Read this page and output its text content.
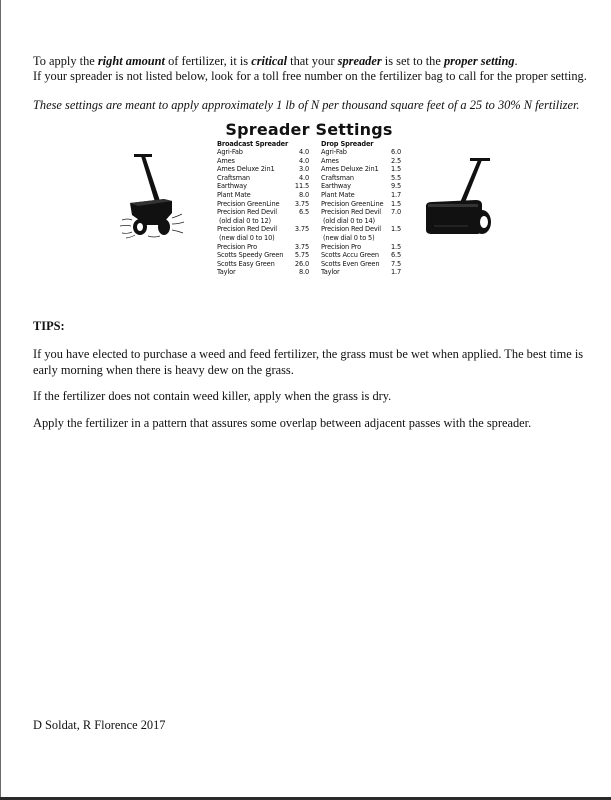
To apply the right amount of fertilizer, it is critical that your spreader is set to the proper setting.
If your spreader is not listed below, look for a toll free number on the fertilizer bag to call for the proper setting.
These settings are meant to apply approximately 1 lb of N per thousand square feet of a 25 to 30% N fertilizer.
Spreader Settings
Broadcast Spreader
Agri-Fab	4.0
Ames	4.0
Ames Deluxe 2in1	3.0
Craftsman	4.0
Earthway	11.5
Plant Mate	8.0
Precision GreenLine	3.75
Precision Red Devil	6.5
(old dial 0 to 12)
Precision Red Devil	3.75
(new dial 0 to 10)
Precision Pro	3.75
Scotts Speedy Green	5.75
Scotts Easy Green	26.0
Taylor	8.0
Drop Spreader
Agri-Fab	6.0
Ames	2.5
Ames Deluxe 2in1 1.5
Craftsman	5.5
Earthway	9.5
Plant Mate	1.7
Precision GreenLine 1.5
Precision Red Devil 7.0
(old dial 0 to 14)
Precision Red Devil 1.5
(new dial 0 to 5)
Precision Pro	1.5
Scotts Accu Green 6.5
Scotts Even Green 7.5
Taylor	1.7
TIPS:
If you have elected to purchase a weed and feed fertilizer, the grass must be wet when applied. The best time is
early morning when there is heavy dew on the grass.
If the fertilizer does not contain weed killer, apply when the grass is dry.
Apply the fertilizer in a pattern that assures some overlap between adjacent passes with the spreader.
D Soldat, R Florence 2017
